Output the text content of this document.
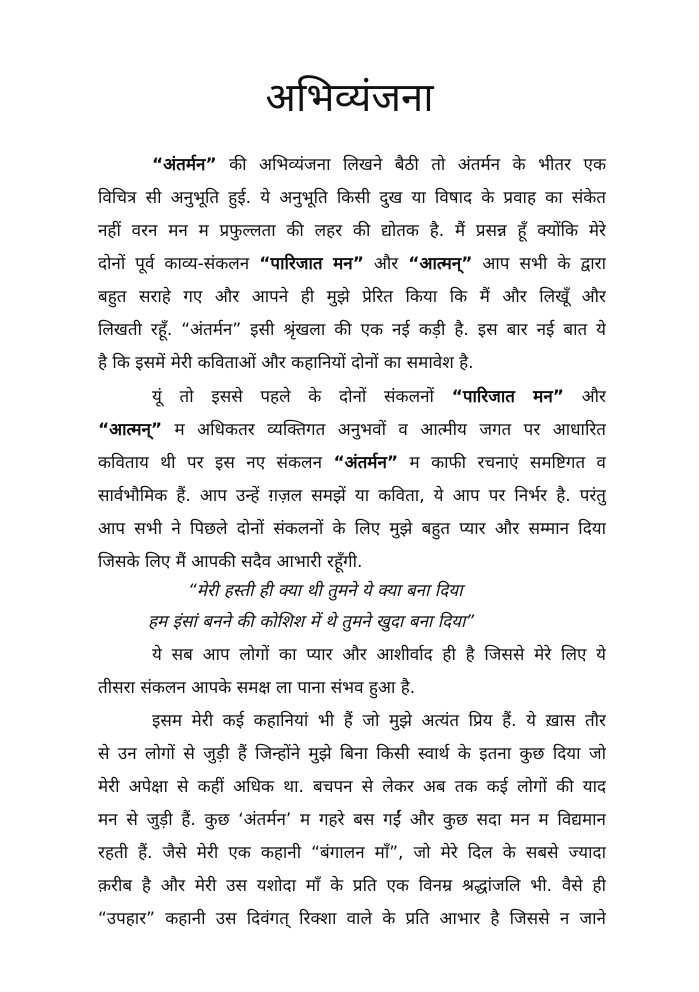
अभिव्यंजना
“अंतर्मन” की अभिव्यंजना लिखने बैठी तो अंतर्मन के भीतर एक
विचित्र सी अनुभूति हुई. ये अनुभूति किसी दुख या विषाद के प्रवाह का संकेत
नहीं वरन मन म प्रफुल्लता की लहर की द्योतक है. मैं प्रसन्न हूँ क्योंकि मेरे
दोनों पूर्व काव्य-संकलन “पारिजात मन” और “आत्मन्” आप सभी के द्वारा
बहुत सराहे गए और आपने ही मुझे प्रेरित किया कि मैं और लिखूँ और
लिखती रहूँ. “अंतर्मन” इसी श्रृंखला की एक नई कड़ी है. इस बार नई बात ये
है कि इसमें मेरी कविताओं और कहानियों दोनों का समावेश है.
यूं तो इससे पहले के दोनों संकलनों “पारिजात मन” और
“आत्मन्” म अधिकतर व्यक्तिगत अनुभवों व आत्मीय जगत पर आधारित
कविताय थी पर इस नए संकलन “अंतर्मन” म काफी रचनाएं समष्टिगत व
सार्वभौमिक हैं. आप उन्हें ग़ज़ल समझें या कविता, ये आप पर निर्भर है. परंतु
आप सभी ने पिछले दोनों संकलनों के लिए मुझे बहुत प्यार और सम्मान दिया
जिसके लिए मैं आपकी सदैव आभारी रहूँगी.
“मेरी हस्ती ही क्या थी तुमने ये क्या बना दिया
हम इंसां बनने की कोशिश में थे तुमने खुदा बना दिया”
ये सब आप लोगों का प्यार और आशीर्वाद ही है जिससे मेरे लिए ये
तीसरा संकलन आपके समक्ष ला पाना संभव हुआ है.
इसम मेरी कई कहानियां भी हैं जो मुझे अत्यंत प्रिय हैं. ये ख़ास तौर
से उन लोगों से जुड़ी हैं जिन्होंने मुझे बिना किसी स्वार्थ के इतना कुछ दिया जो
मेरी अपेक्षा से कहीं अधिक था. बचपन से लेकर अब तक कई लोगों की याद
मन से जुड़ी हैं. कुछ ‘अंतर्मन’ म गहरे बस गईं और कुछ सदा मन म विद्यमान
रहती हैं. जैसे मेरी एक कहानी “बंगालन माँ”, जो मेरे दिल के सबसे ज्यादा
क़रीब है और मेरी उस यशोदा माँ के प्रति एक विनम्र श्रद्धांजलि भी. वैसे ही
“उपहार” कहानी उस दिवंगत् रिक्शा वाले के प्रति आभार है जिससे न जाने
